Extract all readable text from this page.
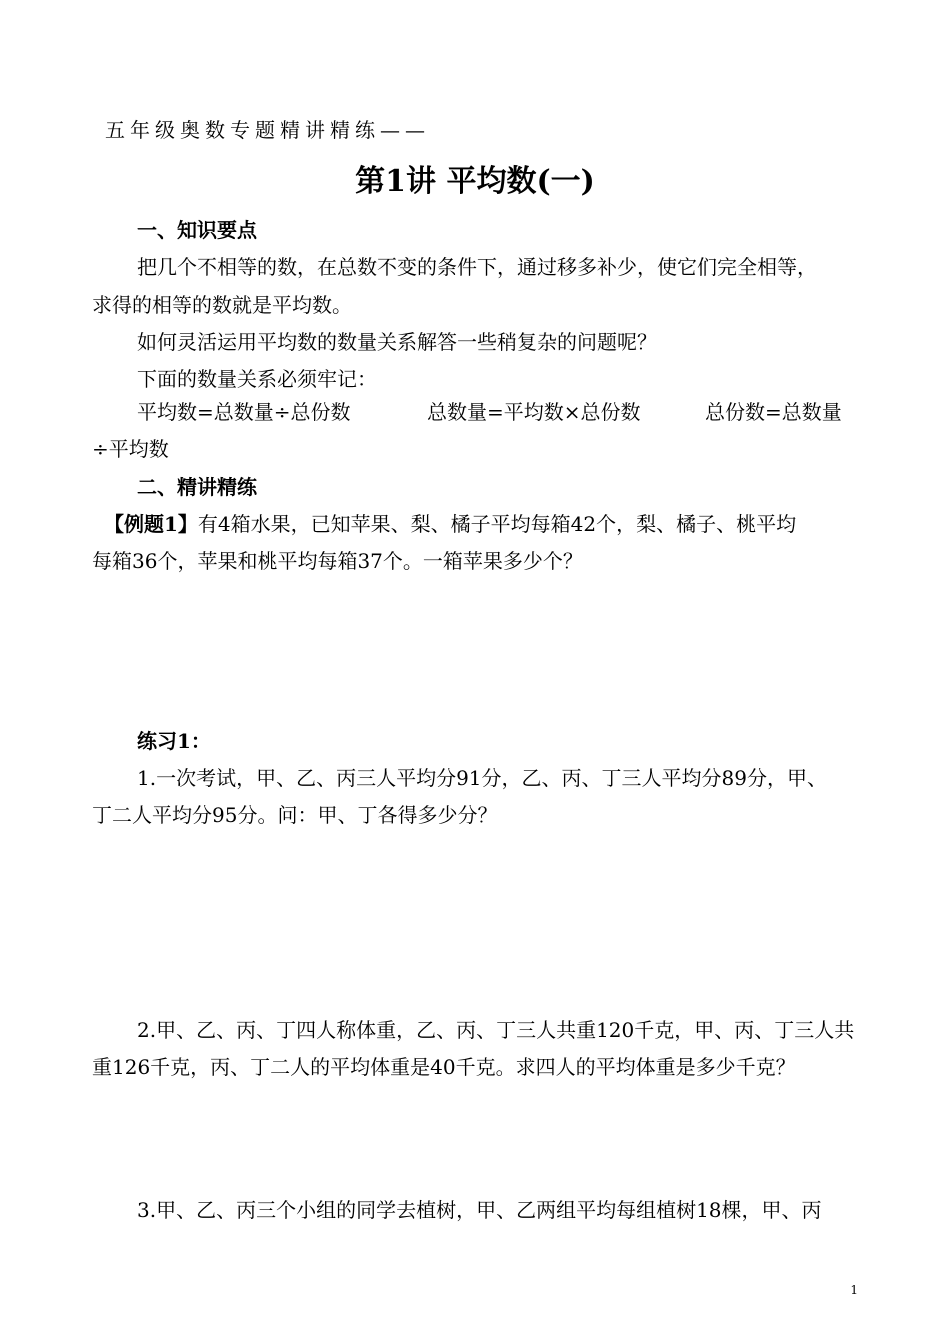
五年级奥数专题精讲精练——
第1讲 平均数(一)
一、知识要点
把几个不相等的数，在总数不变的条件下，通过移多补少，使它们完全相等，
求得的相等的数就是平均数。
如何灵活运用平均数的数量关系解答一些稍复杂的问题呢？
下面的数量关系必须牢记：
平均数=总数量÷总份数	总数量=平均数×总份数	总份数=总数量
÷平均数
二、精讲精练
【例题1】有4箱水果，已知苹果、梨、橘子平均每箱42个，梨、橘子、桃平均
每箱36个，苹果和桃平均每箱37个。一箱苹果多少个？
练习1：
1.一次考试，甲、乙、丙三人平均分91分，乙、丙、丁三人平均分89分，甲、
丁二人平均分95分。问：甲、丁各得多少分？
2.甲、乙、丙、丁四人称体重，乙、丙、丁三人共重120千克，甲、丙、丁三人共
重126千克，丙、丁二人的平均体重是40千克。求四人的平均体重是多少千克？
3.甲、乙、丙三个小组的同学去植树，甲、乙两组平均每组植树18棵，甲、丙
1
